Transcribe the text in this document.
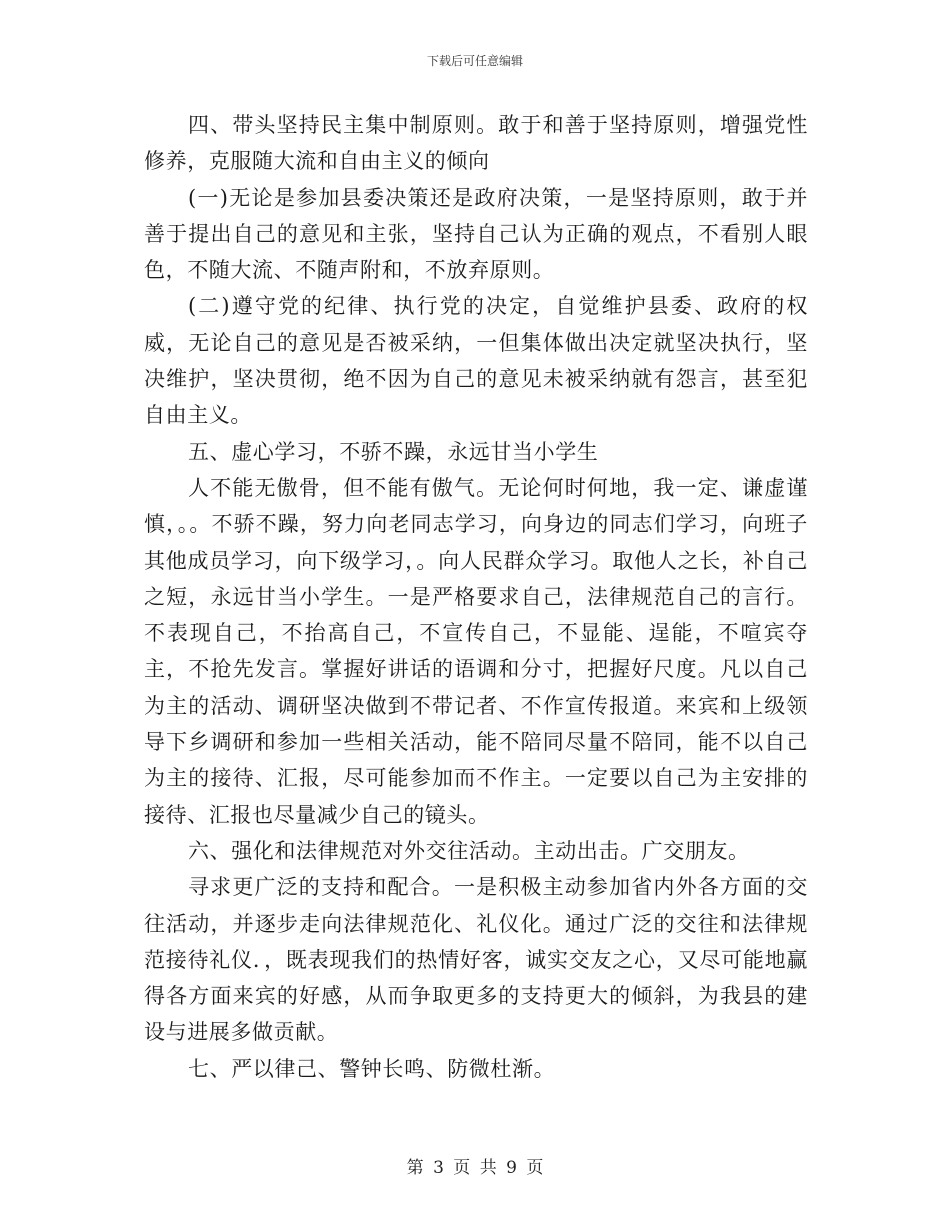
下载后可任意编辑

四、带头坚持民主集中制原则。敢于和善于坚持原则，增强党性修养，克服随大流和自由主义的倾向

(一)无论是参加县委决策还是政府决策，一是坚持原则，敢于并善于提出自己的意见和主张，坚持自己认为正确的观点，不看别人眼色，不随大流、不随声附和，不放弃原则。

(二)遵守党的纪律、执行党的决定，自觉维护县委、政府的权威，无论自己的意见是否被采纳，一但集体做出决定就坚决执行，坚决维护，坚决贯彻，绝不因为自己的意见未被采纳就有怨言，甚至犯自由主义。

五、虚心学习，不骄不躁，永远甘当小学生

人不能无傲骨，但不能有傲气。无论何时何地，我一定、谦虚谨慎，。。不骄不躁，努力向老同志学习，向身边的同志们学习，向班子其他成员学习，向下级学习，。向人民群众学习。取他人之长，补自己之短，永远甘当小学生。一是严格要求自己，法律规范自己的言行。不表现自己，不抬高自己，不宣传自己，不显能、逞能，不喧宾夺主，不抢先发言。掌握好讲话的语调和分寸，把握好尺度。凡以自己为主的活动、调研坚决做到不带记者、不作宣传报道。来宾和上级领导下乡调研和参加一些相关活动，能不陪同尽量不陪同，能不以自己为主的接待、汇报，尽可能参加而不作主。一定要以自己为主安排的接待、汇报也尽量减少自己的镜头。

六、强化和法律规范对外交往活动。主动出击。广交朋友。

寻求更广泛的支持和配合。一是积极主动参加省内外各方面的交往活动，并逐步走向法律规范化、礼仪化。通过广泛的交往和法律规范接待礼仪．，既表现我们的热情好客，诚实交友之心，又尽可能地赢得各方面来宾的好感，从而争取更多的支持更大的倾斜，为我县的建设与进展多做贡献。

七、严以律己、警钟长鸣、防微杜渐。

第 3 页 共 9 页
